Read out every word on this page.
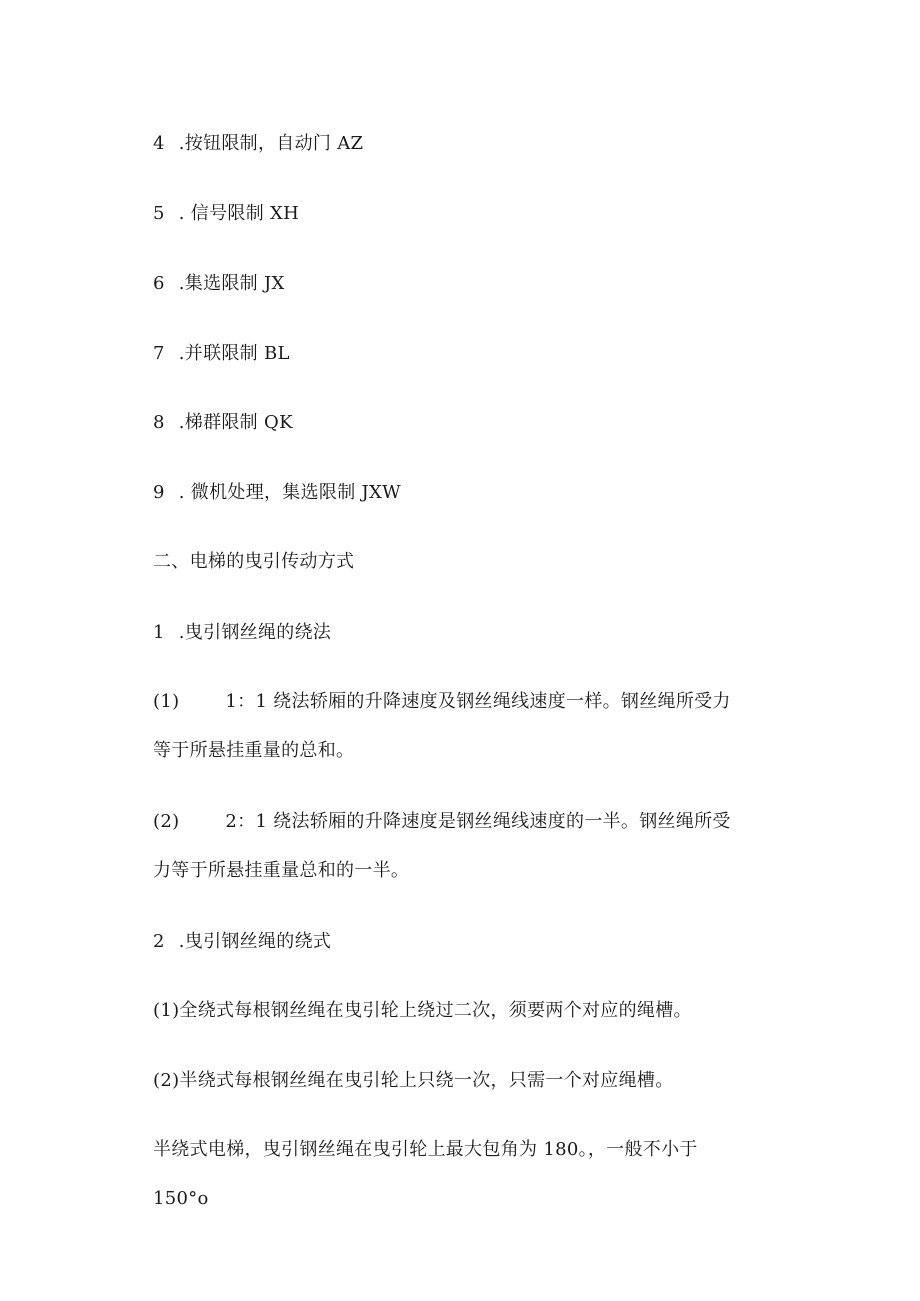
4 .按钮限制，自动门 AZ
5 . 信号限制 XH
6 .集选限制 JX
7 .并联限制 BL
8 .梯群限制 QK
9 . 微机处理，集选限制 JXW
二、电梯的曳引传动方式
1 .曳引钢丝绳的绕法
(1)	1：1 绕法轿厢的升降速度及钢丝绳线速度一样。钢丝绳所受力
等于所悬挂重量的总和。
(2)	2：1 绕法轿厢的升降速度是钢丝绳线速度的一半。钢丝绳所受
力等于所悬挂重量总和的一半。
2 .曳引钢丝绳的绕式
(1)全绕式每根钢丝绳在曳引轮上绕过二次，须要两个对应的绳槽。
(2)半绕式每根钢丝绳在曳引轮上只绕一次，只需一个对应绳槽。
半绕式电梯，曳引钢丝绳在曳引轮上最大包角为 180。，一般不小于
150°o
